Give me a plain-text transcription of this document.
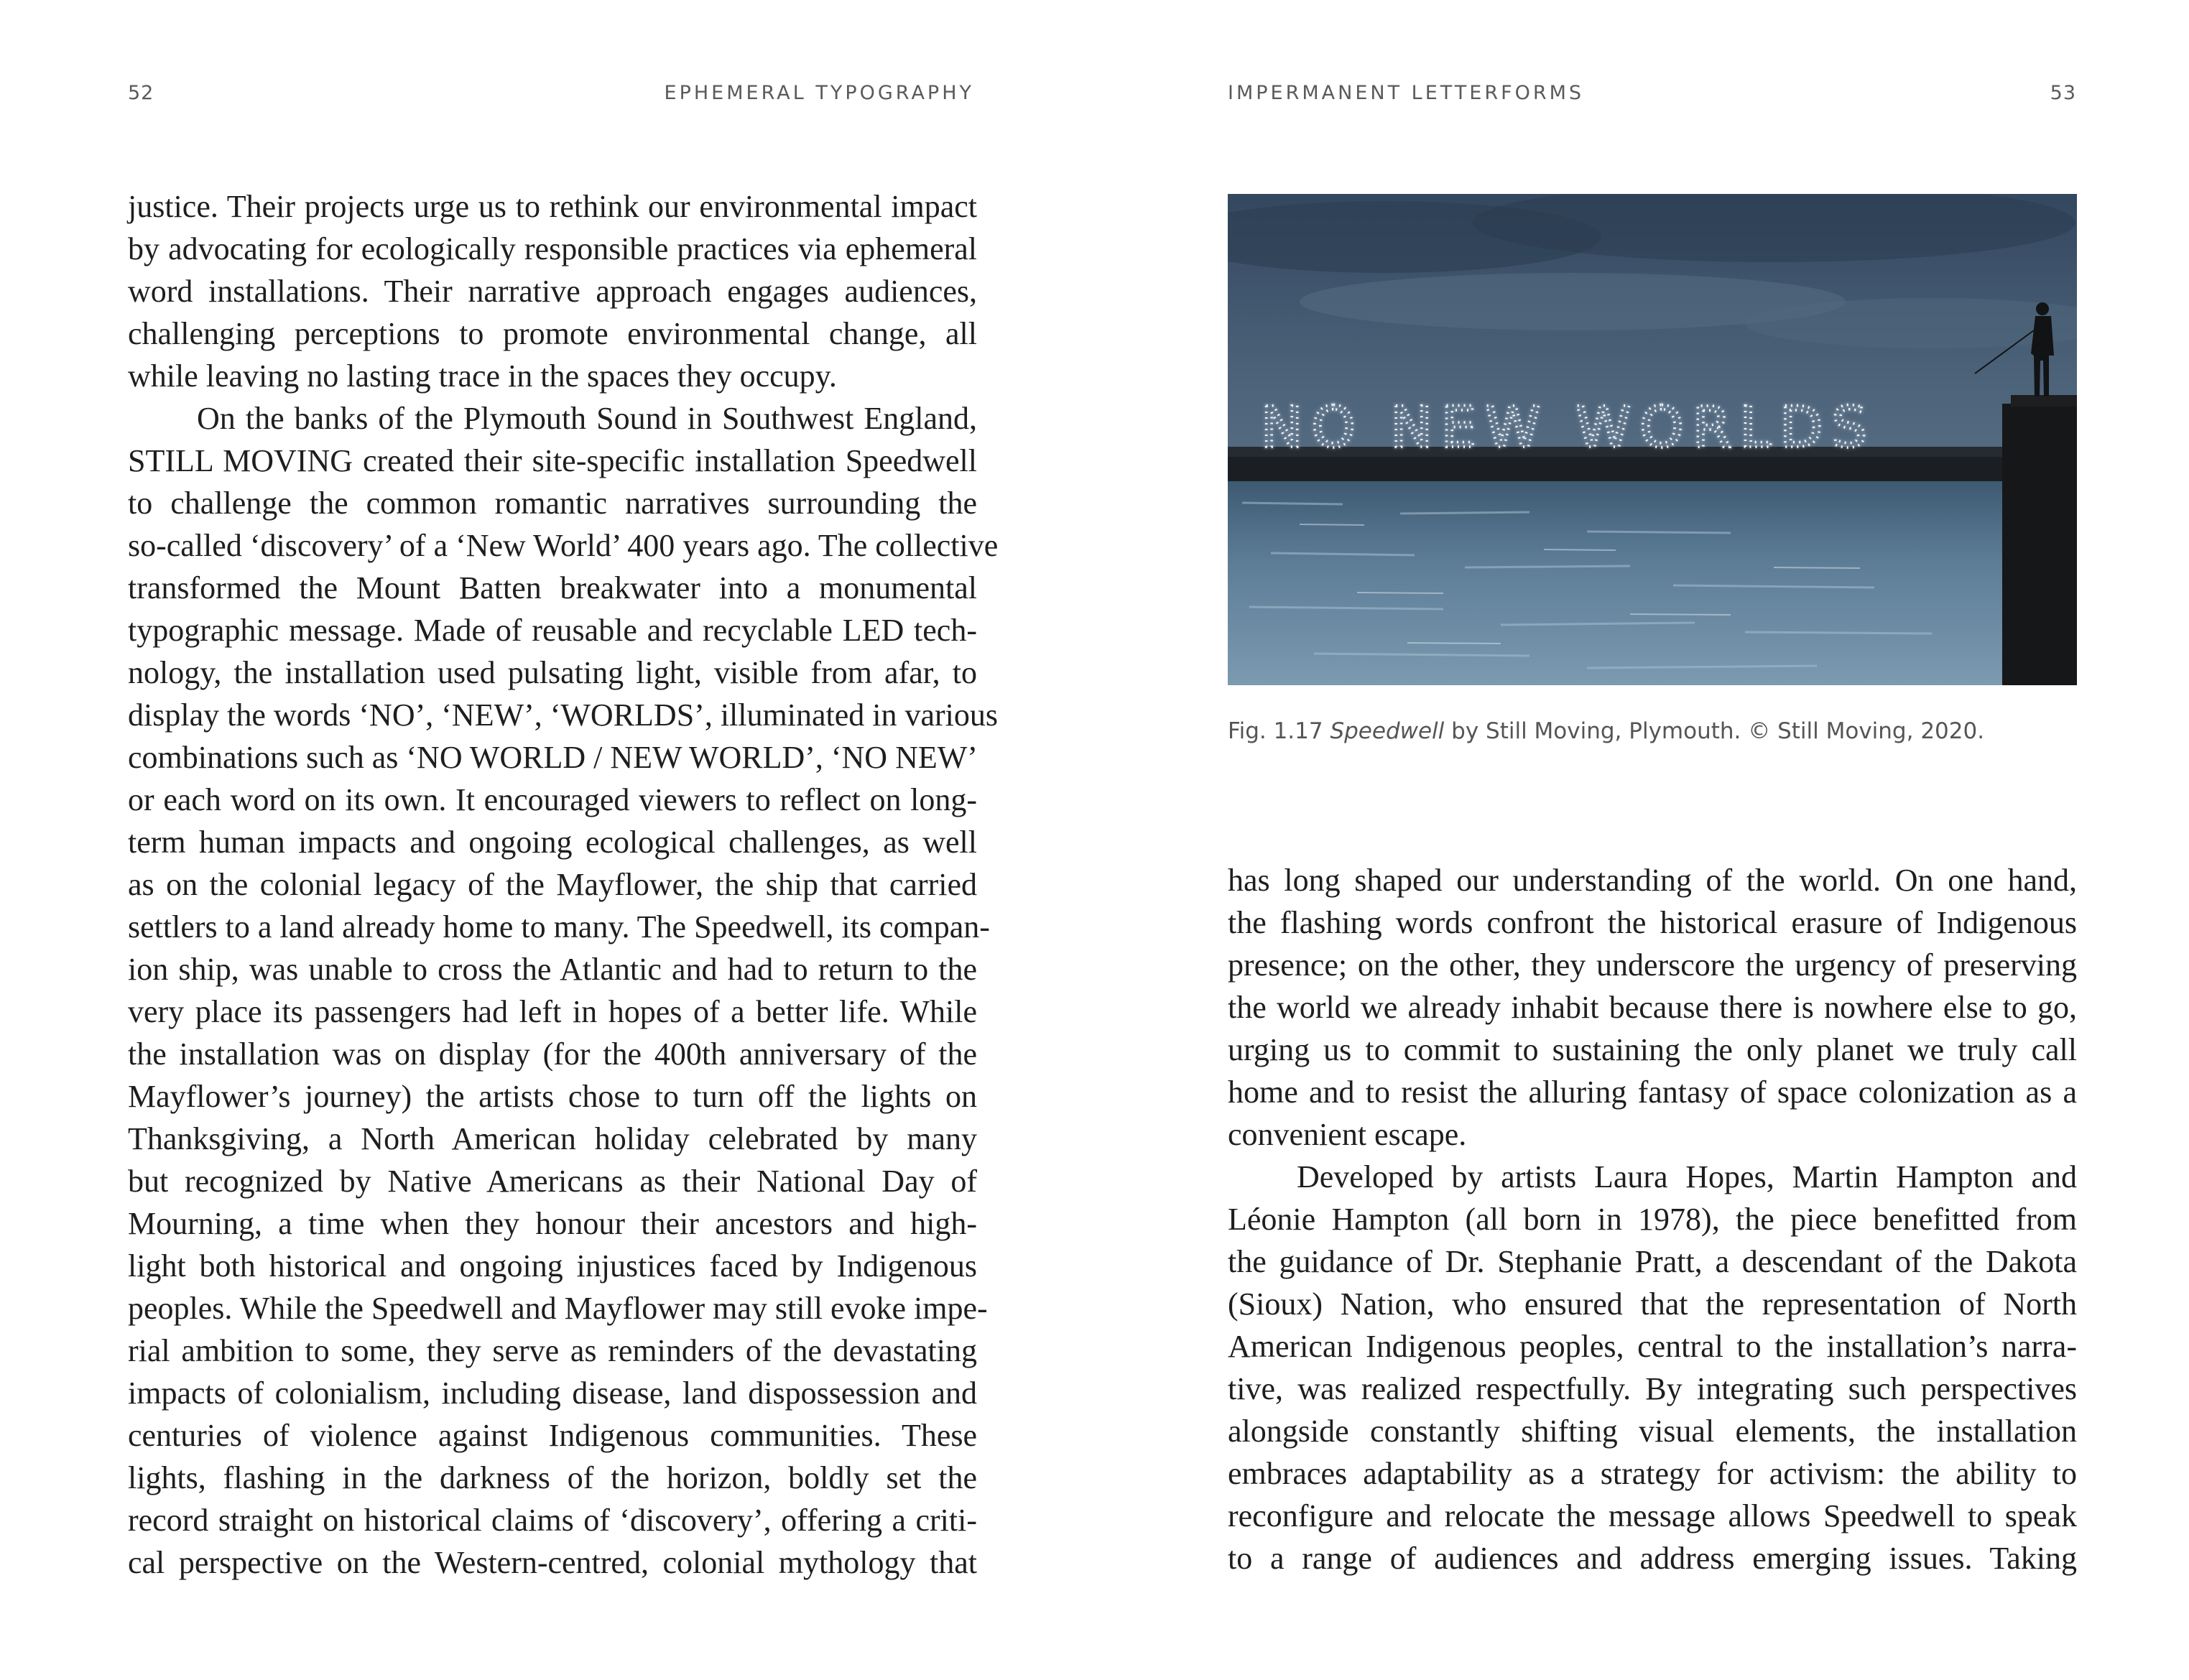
52	EPHEMERAL TYPOGRAPHY
justice. Their projects urge us to rethink our environmental impact
by advocating for ecologically responsible practices via ephemeral
word installations. Their narrative approach engages audiences,
challenging perceptions to promote environmental change, all
while leaving no lasting trace in the spaces they occupy.
On the banks of the Plymouth Sound in Southwest England,
STILL MOVING created their site-specific installation Speedwell
to challenge the common romantic narratives surrounding the
so-called ‘discovery’ of a ‘New World’ 400 years ago. The collective
transformed the Mount Batten breakwater into a monumental
typographic message. Made of reusable and recyclable LED tech-
nology, the installation used pulsating light, visible from afar, to
display the words ‘NO’, ‘NEW’, ‘WORLDS’, illuminated in various
combinations such as ‘NO WORLD / NEW WORLD’, ‘NO NEW’
or each word on its own. It encouraged viewers to reflect on long-
term human impacts and ongoing ecological challenges, as well
as on the colonial legacy of the Mayflower, the ship that carried
settlers to a land already home to many. The Speedwell, its compan-
ion ship, was unable to cross the Atlantic and had to return to the
very place its passengers had left in hopes of a better life. While
the installation was on display (for the 400th anniversary of the
Mayflower’s journey) the artists chose to turn off the lights on
Thanksgiving, a North American holiday celebrated by many
but recognized by Native Americans as their National Day of
Mourning, a time when they honour their ancestors and high-
light both historical and ongoing injustices faced by Indigenous
peoples. While the Speedwell and Mayflower may still evoke impe-
rial ambition to some, they serve as reminders of the devastating
impacts of colonialism, including disease, land dispossession and
centuries of violence against Indigenous communities. These
lights, flashing in the darkness of the horizon, boldly set the
record straight on historical claims of ‘discovery’, offering a criti-
cal perspective on the Western-centred, colonial mythology that
IMPERMANENT LETTERFORMS	53
NO NEW WORLDS
Fig. 1.17 Speedwell by Still Moving, Plymouth. © Still Moving, 2020.
has long shaped our understanding of the world. On one hand,
the flashing words confront the historical erasure of Indigenous
presence; on the other, they underscore the urgency of preserving
the world we already inhabit because there is nowhere else to go,
urging us to commit to sustaining the only planet we truly call
home and to resist the alluring fantasy of space colonization as a
convenient escape.
Developed by artists Laura Hopes, Martin Hampton and
Léonie Hampton (all born in 1978), the piece benefitted from
the guidance of Dr. Stephanie Pratt, a descendant of the Dakota
(Sioux) Nation, who ensured that the representation of North
American Indigenous peoples, central to the installation’s narra-
tive, was realized respectfully. By integrating such perspectives
alongside constantly shifting visual elements, the installation
embraces adaptability as a strategy for activism: the ability to
reconfigure and relocate the message allows Speedwell to speak
to a range of audiences and address emerging issues. Taking
